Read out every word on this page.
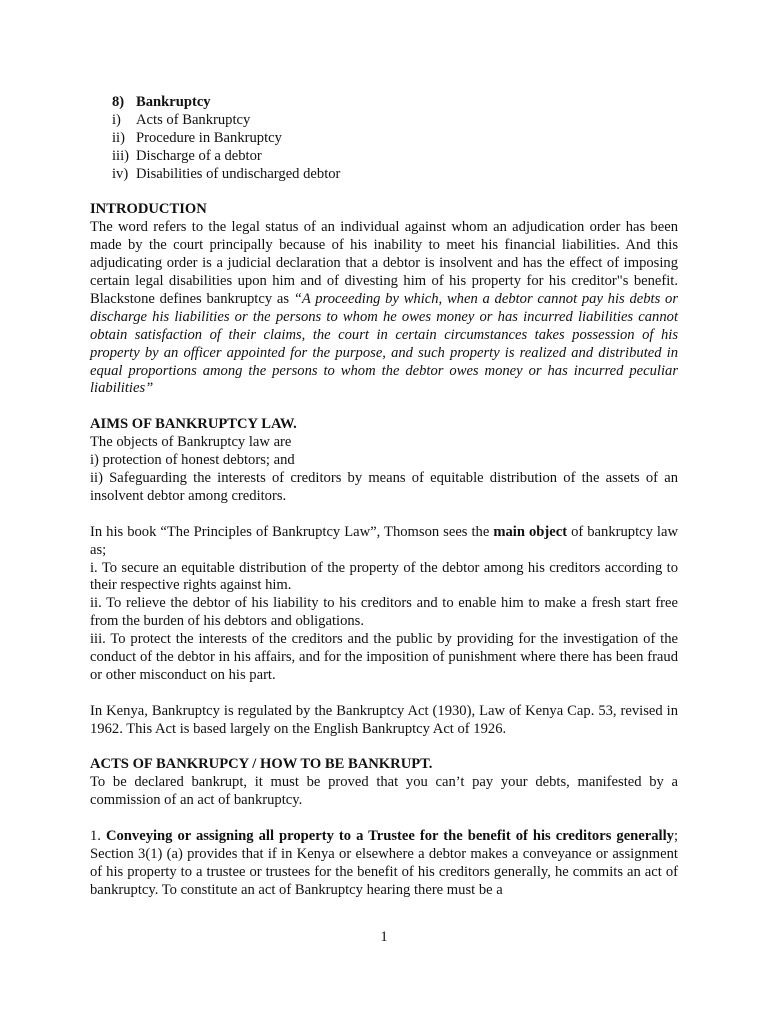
8) Bankruptcy
i)	Acts of Bankruptcy
ii) Procedure in Bankruptcy
iii) Discharge of a debtor
iv) Disabilities of undischarged debtor
INTRODUCTION

The word refers to the legal status of an individual against whom an adjudication order has been made by the court principally because of his inability to meet his financial liabilities. And this adjudicating order is a judicial declaration that a debtor is insolvent and has the effect of imposing certain legal disabilities upon him and of divesting him of his property for his creditor"s benefit. Blackstone defines bankruptcy as “A proceeding by which, when a debtor cannot pay his debts or discharge his liabilities or the persons to whom he owes money or has incurred liabilities cannot obtain satisfaction of their claims, the court in certain circumstances takes possession of his property by an officer appointed for the purpose, and such property is realized and distributed in equal proportions among the persons to whom the debtor owes money or has incurred peculiar liabilities”

AIMS OF BANKRUPTCY LAW.

The objects of Bankruptcy law are

i) protection of honest debtors; and

ii) Safeguarding the interests of creditors by means of equitable distribution of the assets of an insolvent debtor among creditors.

In his book “The Principles of Bankruptcy Law”, Thomson sees the main object of bankruptcy law as;

i. To secure an equitable distribution of the property of the debtor among his creditors according to their respective rights against him.

ii. To relieve the debtor of his liability to his creditors and to enable him to make a fresh start free from the burden of his debtors and obligations.

iii. To protect the interests of the creditors and the public by providing for the investigation of the conduct of the debtor in his affairs, and for the imposition of punishment where there has been fraud or other misconduct on his part.

In Kenya, Bankruptcy is regulated by the Bankruptcy Act (1930), Law of Kenya Cap. 53, revised in 1962. This Act is based largely on the English Bankruptcy Act of 1926.

ACTS OF BANKRUPCY / HOW TO BE BANKRUPT.

To be declared bankrupt, it must be proved that you can’t pay your debts, manifested by a commission of an act of bankruptcy.

1. Conveying or assigning all property to a Trustee for the benefit of his creditors generally; Section 3(1) (a) provides that if in Kenya or elsewhere a debtor makes a conveyance or assignment of his property to a trustee or trustees for the benefit of his creditors generally, he commits an act of bankruptcy. To constitute an act of Bankruptcy hearing there must be a

1
